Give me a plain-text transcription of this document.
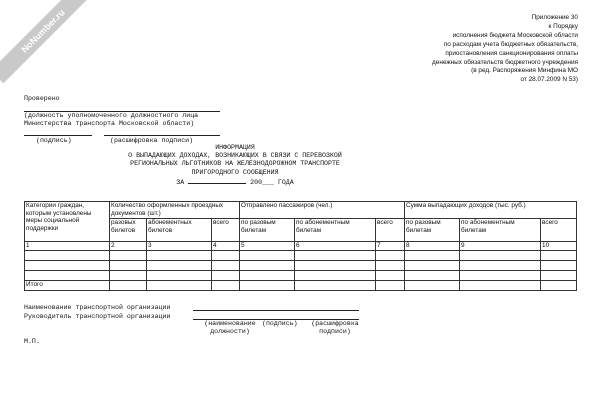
NoNumber.ru	Приложение 30
к Порядку
исполнения бюджета Московской области
по расходам учета бюджетных обязательств,
приостановления санкционирования оплаты
денежных обязательств бюджетного учреждения
(в ред. Распоряжения Минфина МО
от 28.07.2009 N 53)
Проверено
(должность уполномоченного должностного лица
Министерства транспорта Московской области)
(подпись)	(расшифровка подписи)
ИНФОРМАЦИЯ
О ВЫПАДАЮЩИХ ДОХОДАХ, ВОЗНИКАЮЩИХ В СВЯЗИ С ПЕРЕВОЗКОЙ
РЕГИОНАЛЬНЫХ ЛЬГОТНИКОВ НА ЖЕЛЕЗНОДОРОЖНОМ ТРАНСПОРТЕ
ПРИГОРОДНОГО СООБЩЕНИЯ
ЗА	200___ ГОДА
Категории граждан, которым установлены меры социальной поддержки	Количество оформленных проездных документов (шт.)			Отправлено пассажиров (чел.)			Сумма выпадающих доходов (тыс. руб.)		
	разовых билетов	абонементных билетов	всего	по разовым билетам	по абонементным билетам	всего	по разовым билетам	по абонементным билетам	всего
1	2	3	4	5	6	7	8	9	10

Итого									
Наименование транспортной организации
Руководитель транспортной организации
(наименование должности)
(подпись)	(расшифровка подписи)
М.П.
